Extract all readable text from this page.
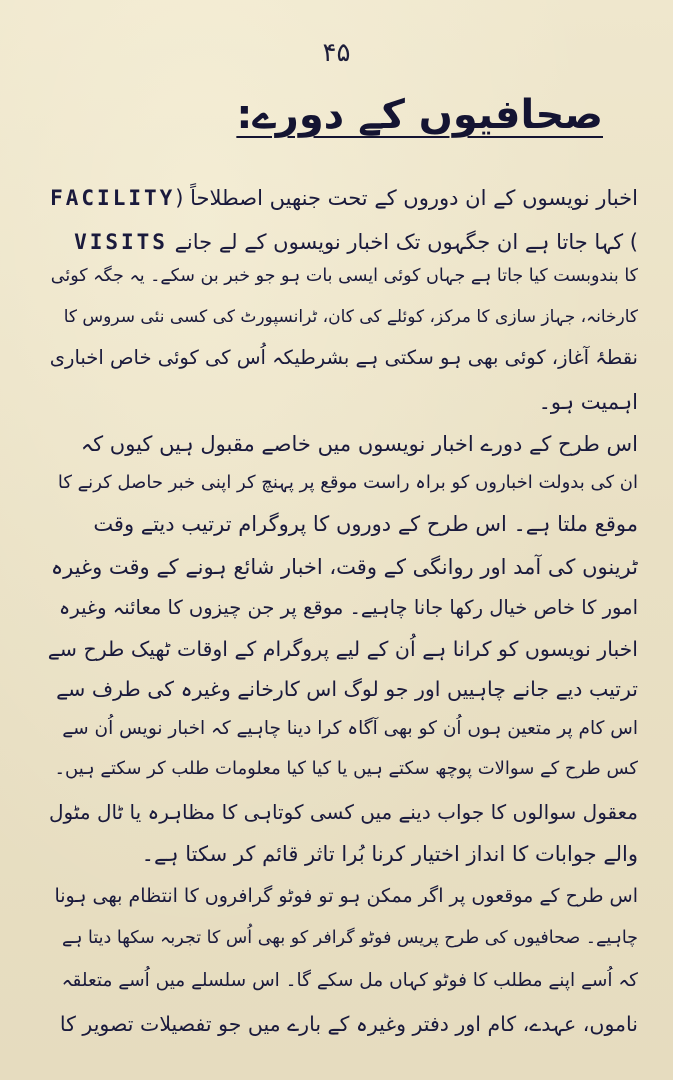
۴۵

صحافیوں کے دورے:

اخبار نویسوں کے ان دوروں کے تحت جنھیں اصطلاحاً (FACILITY

) کہا جاتا ہے ان جگہوں تک اخبار نویسوں کے لے جانے VISITS

کا بندوبست کیا جاتا ہے جہاں کوئی ایسی بات ہو جو خبر بن سکے۔ یہ جگہ کوئی

کارخانہ، جہاز سازی کا مرکز، کوئلے کی کان، ٹرانسپورٹ کی کسی نئی سروس کا

نقطۂ آغاز، کوئی بھی ہو سکتی ہے بشرطیکہ اُس کی کوئی خاص اخباری

اہمیت ہو۔

اس طرح کے دورے اخبار نویسوں میں خاصے مقبول ہیں کیوں کہ

ان کی بدولت اخباروں کو براہ راست موقع پر پہنچ کر اپنی خبر حاصل کرنے کا

موقع ملتا ہے۔ اس طرح کے دوروں کا پروگرام ترتیب دیتے وقت

ٹرینوں کی آمد اور روانگی کے وقت، اخبار شائع ہونے کے وقت وغیرہ

امور کا خاص خیال رکھا جانا چاہیے۔ موقع پر جن چیزوں کا معائنہ وغیرہ

اخبار نویسوں کو کرانا ہے اُن کے لیے پروگرام کے اوقات ٹھیک طرح سے

ترتیب دیے جانے چاہییں اور جو لوگ اس کارخانے وغیرہ کی طرف سے

اس کام پر متعین ہوں اُن کو بھی آگاہ کرا دینا چاہیے کہ اخبار نویس اُن سے

کس طرح کے سوالات پوچھ سکتے ہیں یا کیا کیا معلومات طلب کر سکتے ہیں۔

معقول سوالوں کا جواب دینے میں کسی کوتاہی کا مظاہرہ یا ٹال مٹول

والے جوابات کا انداز اختیار کرنا بُرا تاثر قائم کر سکتا ہے۔

اس طرح کے موقعوں پر اگر ممکن ہو تو فوٹو گرافروں کا انتظام بھی ہونا

چاہیے۔ صحافیوں کی طرح پریس فوٹو گرافر کو بھی اُس کا تجربہ سکھا دیتا ہے

کہ اُسے اپنے مطلب کا فوٹو کہاں مل سکے گا۔ اس سلسلے میں اُسے متعلقہ

ناموں، عہدے، کام اور دفتر وغیرہ کے بارے میں جو تفصیلات تصویر کا
